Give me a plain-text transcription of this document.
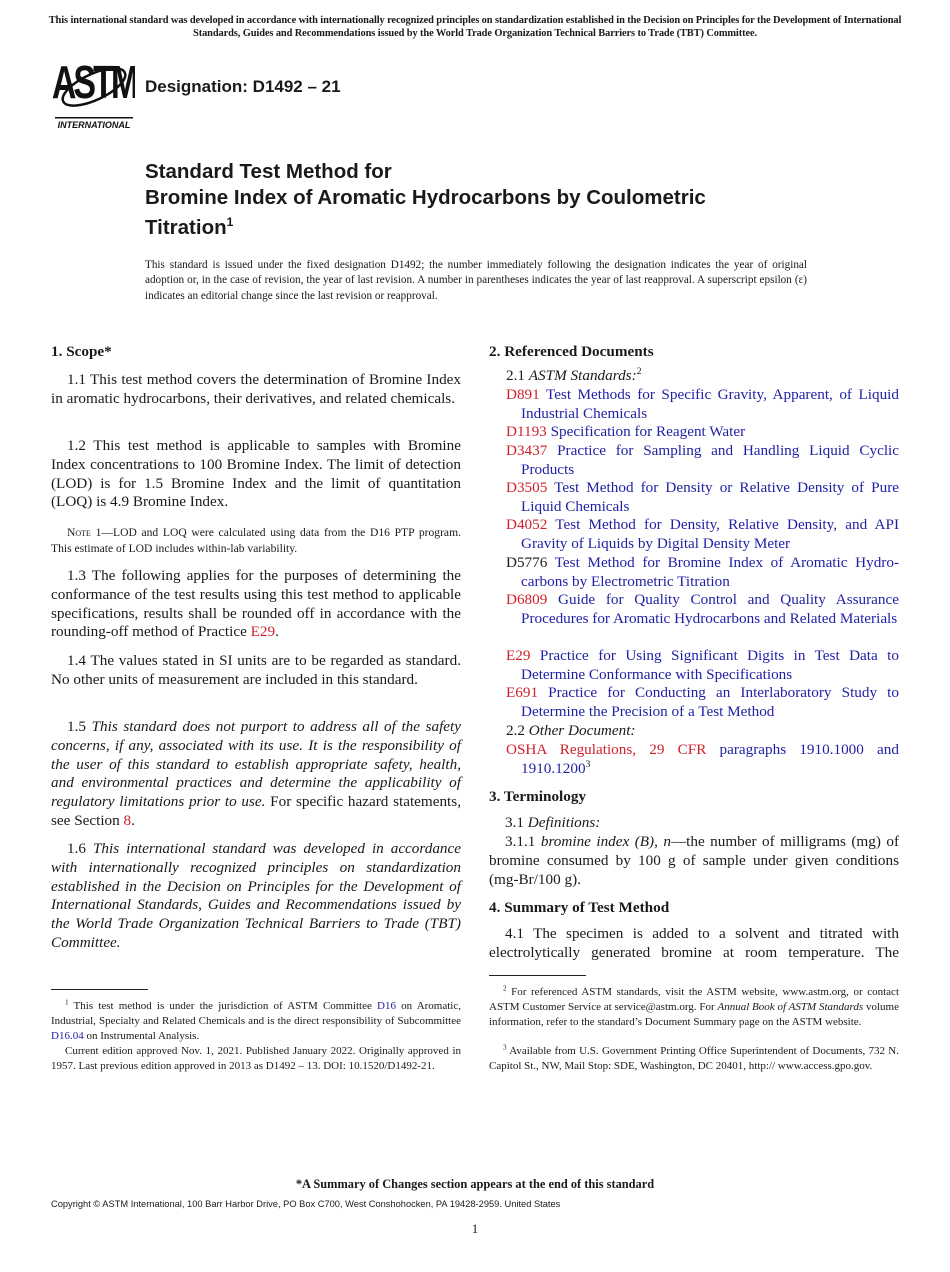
This international standard was developed in accordance with internationally recognized principles on standardization established in the Decision on Principles for the Development of International Standards, Guides and Recommendations issued by the World Trade Organization Technical Barriers to Trade (TBT) Committee.
ASTM
INTERNATIONAL
Designation: D1492 – 21
Standard Test Method for
Bromine Index of Aromatic Hydrocarbons by Coulometric
Titration$^1$
This standard is issued under the fixed designation D1492; the number immediately following the designation indicates the year of original adoption or, in the case of revision, the year of last revision. A number in parentheses indicates the year of last reapproval. A superscript epsilon (ε) indicates an editorial change since the last revision or reapproval.
1. Scope*
1.1 This test method covers the determination of Bromine Index in aromatic hydrocarbons, their derivatives, and related chemicals.
1.2 This test method is applicable to samples with Bromine Index concentrations to 100 Bromine Index. The limit of detection (LOD) is for 1.5 Bromine Index and the limit of quantitation (LOQ) is 4.9 Bromine Index.
Note 1—LOD and LOQ were calculated using data from the D16 PTP program. This estimate of LOD includes within-lab variability.
1.3 The following applies for the purposes of determining the conformance of the test results using this test method to applicable specifications, results shall be rounded off in accordance with the rounding-off method of Practice E29.
1.4 The values stated in SI units are to be regarded as standard. No other units of measurement are included in this standard.
1.5 This standard does not purport to address all of the safety concerns, if any, associated with its use. It is the responsibility of the user of this standard to establish appropriate safety, health, and environmental practices and determine the applicability of regulatory limitations prior to use. For specific hazard statements, see Section 8.
1.6 This international standard was developed in accordance with internationally recognized principles on standardization established in the Decision on Principles for the Development of International Standards, Guides and Recommendations issued by the World Trade Organization Technical Barriers to Trade (TBT) Committee.
$^1$ This test method is under the jurisdiction of ASTM Committee D16 on Aromatic, Industrial, Specialty and Related Chemicals and is the direct responsibility of Subcommittee D16.04 on Instrumental Analysis.
Current edition approved Nov. 1, 2021. Published January 2022. Originally approved in 1957. Last previous edition approved in 2013 as D1492 – 13. DOI: 10.1520/D1492-21.
2. Referenced Documents
2.1 ASTM Standards:$^2$
D891 Test Methods for Specific Gravity, Apparent, of Liquid Industrial Chemicals
D1193 Specification for Reagent Water
D3437 Practice for Sampling and Handling Liquid Cyclic Products
D3505 Test Method for Density or Relative Density of Pure Liquid Chemicals
D4052 Test Method for Density, Relative Density, and API Gravity of Liquids by Digital Density Meter
D5776 Test Method for Bromine Index of Aromatic Hydrocarbons by Electrometric Titration
D6809 Guide for Quality Control and Quality Assurance Procedures for Aromatic Hydrocarbons and Related Materials
E29 Practice for Using Significant Digits in Test Data to Determine Conformance with Specifications
E691 Practice for Conducting an Interlaboratory Study to Determine the Precision of a Test Method
2.2 Other Document:
OSHA Regulations, 29 CFR paragraphs 1910.1000 and 1910.1200$^3$
3. Terminology
3.1 Definitions:
3.1.1 bromine index (B), n—the number of milligrams (mg) of bromine consumed by 100 g of sample under given conditions (mg-Br/100 g).
4. Summary of Test Method
4.1 The specimen is added to a solvent and titrated with electrolytically generated bromine at room temperature. The
$^2$ For referenced ASTM standards, visit the ASTM website, www.astm.org, or contact ASTM Customer Service at service@astm.org. For Annual Book of ASTM Standards volume information, refer to the standard’s Document Summary page on the ASTM website.
$^3$ Available from U.S. Government Printing Office Superintendent of Documents, 732 N. Capitol St., NW, Mail Stop: SDE, Washington, DC 20401, http:// www.access.gpo.gov.
*A Summary of Changes section appears at the end of this standard
Copyright © ASTM International, 100 Barr Harbor Drive, PO Box C700, West Conshohocken, PA 19428-2959. United States
1
